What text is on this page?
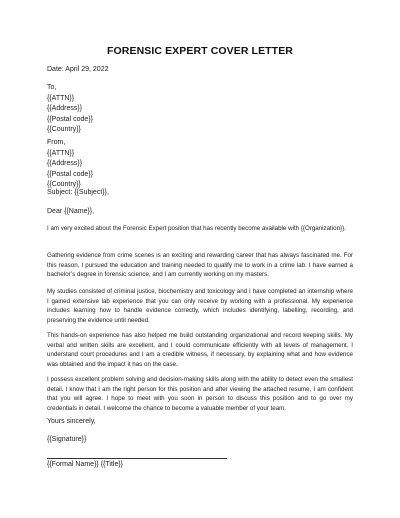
FORENSIC EXPERT COVER LETTER
Date: April 29, 2022
To,
{{ATTN}}
{{Address}}
{{Postal code}}
{{Country}}
From,
{{ATTN}}
{{Address}}
{{Postal code}}
{{Country}}
Subject: {{Subject}},
Dear {{Name}},

I am very excited about the Forensic Expert position that has recently become available with {{Organization}}.

Gathering evidence from crime scenes is an exciting and rewarding career that has always fascinated me. For this reason, I pursued the education and training needed to qualify me to work in a crime lab. I have earned a bachelor’s degree in forensic science, and I am currently working on my masters.

My studies consisted of criminal justice, biochemistry and toxicology and I have completed an internship where I gained extensive lab experience that you can only receive by working with a professional. My experience includes learning how to handle evidence correctly, which includes identifying, labelling, recording, and preserving the evidence until needed.

This hands-on experience has also helped me build outstanding organizational and record keeping skills. My verbal and written skills are excellent, and I could communicate efficiently with all levels of management. I understand court procedures and I am a credible witness, if necessary, by explaining what and how evidence was obtained and the impact it has on the case.

I possess excellent problem solving and decision-making skills along with the ability to detect even the smallest detail. I know that I am the right person for this position and after viewing the attached resume, I am confident that you will agree. I hope to meet with you soon in person to discuss this position and to go over my credentials in detail. I welcome the chance to become a valuable member of your team.

Yours sincerely,
{{Signature}}
{{Formal Name}} {{Title}}
